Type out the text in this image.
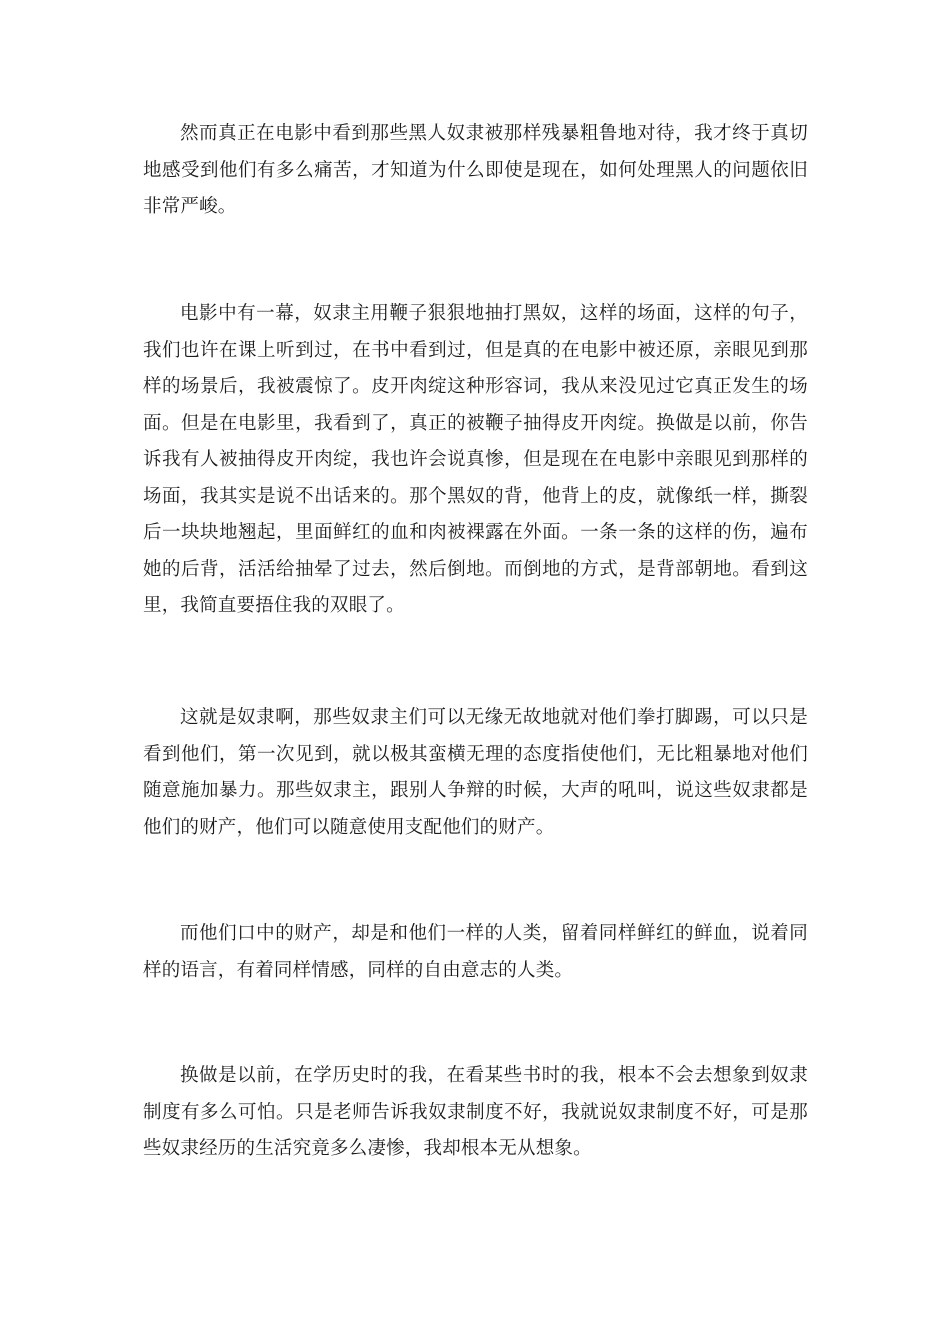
然而真正在电影中看到那些黑人奴隶被那样残暴粗鲁地对待，我才终于真切地感受到他们有多么痛苦，才知道为什么即使是现在，如何处理黑人的问题依旧非常严峻。

电影中有一幕，奴隶主用鞭子狠狠地抽打黑奴，这样的场面，这样的句子，我们也许在课上听到过，在书中看到过，但是真的在电影中被还原，亲眼见到那样的场景后，我被震惊了。皮开肉绽这种形容词，我从来没见过它真正发生的场面。但是在电影里，我看到了，真正的被鞭子抽得皮开肉绽。换做是以前，你告诉我有人被抽得皮开肉绽，我也许会说真惨，但是现在在电影中亲眼见到那样的场面，我其实是说不出话来的。那个黑奴的背，他背上的皮，就像纸一样，撕裂后一块块地翘起，里面鲜红的血和肉被裸露在外面。一条一条的这样的伤，遍布她的后背，活活给抽晕了过去，然后倒地。而倒地的方式，是背部朝地。看到这里，我简直要捂住我的双眼了。

这就是奴隶啊，那些奴隶主们可以无缘无故地就对他们拳打脚踢，可以只是看到他们，第一次见到，就以极其蛮横无理的态度指使他们，无比粗暴地对他们随意施加暴力。那些奴隶主，跟别人争辩的时候，大声的吼叫，说这些奴隶都是他们的财产，他们可以随意使用支配他们的财产。

而他们口中的财产，却是和他们一样的人类，留着同样鲜红的鲜血，说着同样的语言，有着同样情感，同样的自由意志的人类。

换做是以前，在学历史时的我，在看某些书时的我，根本不会去想象到奴隶制度有多么可怕。只是老师告诉我奴隶制度不好，我就说奴隶制度不好，可是那些奴隶经历的生活究竟多么凄惨，我却根本无从想象。
